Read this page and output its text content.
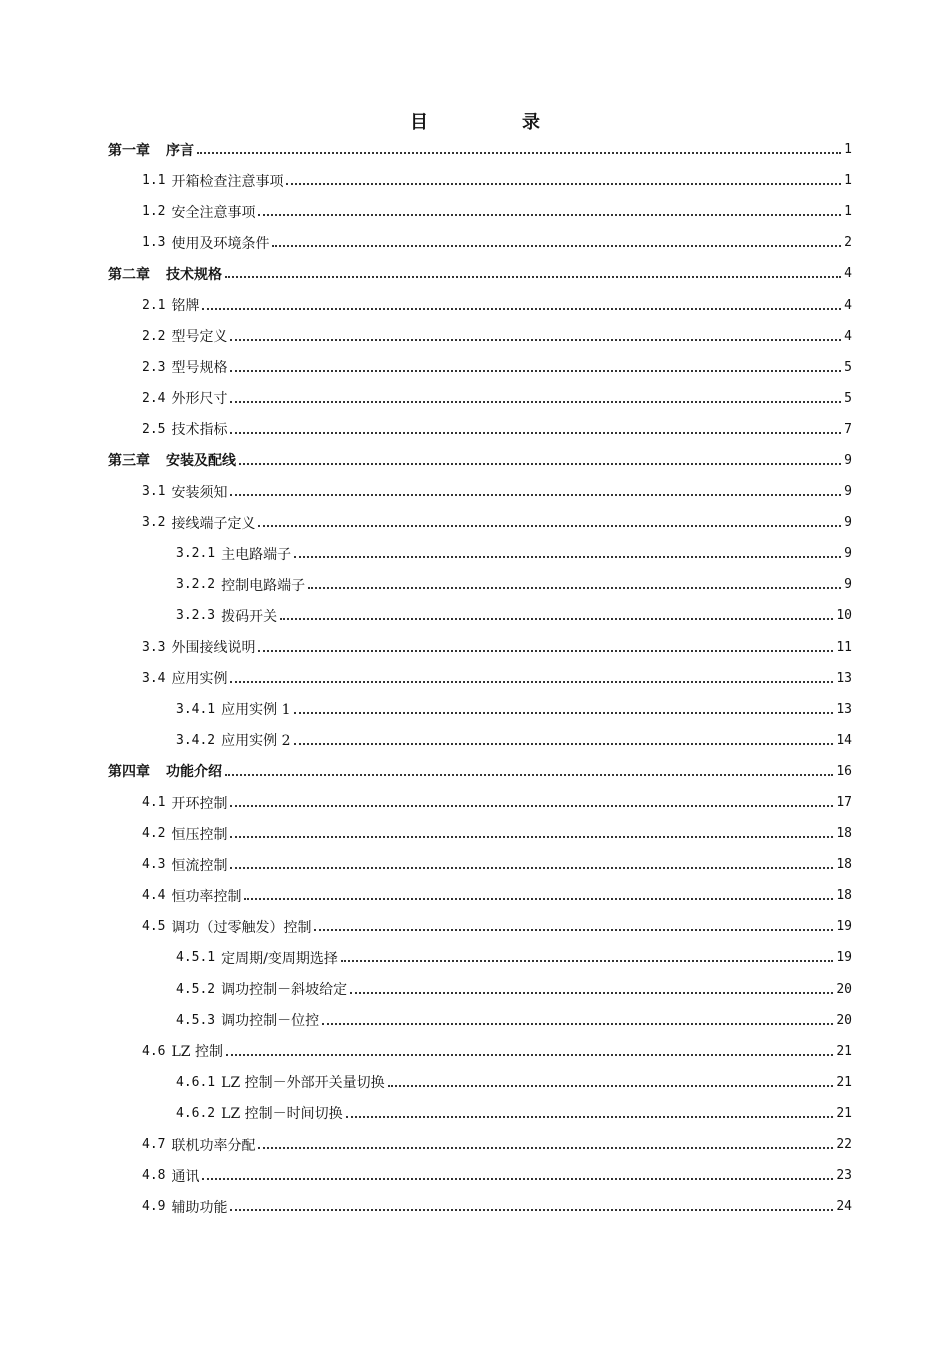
目　录
第一章 序言	1
1.1 开箱检查注意事项	1
1.2 安全注意事项	1
1.3 使用及环境条件	2
第二章 技术规格	4
2.1 铭牌	4
2.2 型号定义	4
2.3 型号规格	5
2.4 外形尺寸	5
2.5 技术指标	7
第三章 安装及配线	9
3.1 安装须知	9
3.2 接线端子定义	9
3.2.1 主电路端子	9
3.2.2 控制电路端子	9
3.2.3 拨码开关	10
3.3 外围接线说明	11
3.4 应用实例	13
3.4.1 应用实例 1	13
3.4.2 应用实例 2	14
第四章 功能介绍	16
4.1 开环控制	17
4.2 恒压控制	18
4.3 恒流控制	18
4.4 恒功率控制	18
4.5 调功（过零触发）控制	19
4.5.1 定周期/变周期选择	19
4.5.2 调功控制－斜坡给定	20
4.5.3 调功控制－位控	20
4.6 LZ 控制	21
4.6.1 LZ 控制－外部开关量切换	21
4.6.2 LZ 控制－时间切换	21
4.7 联机功率分配	22
4.8 通讯	23
4.9 辅助功能	24
